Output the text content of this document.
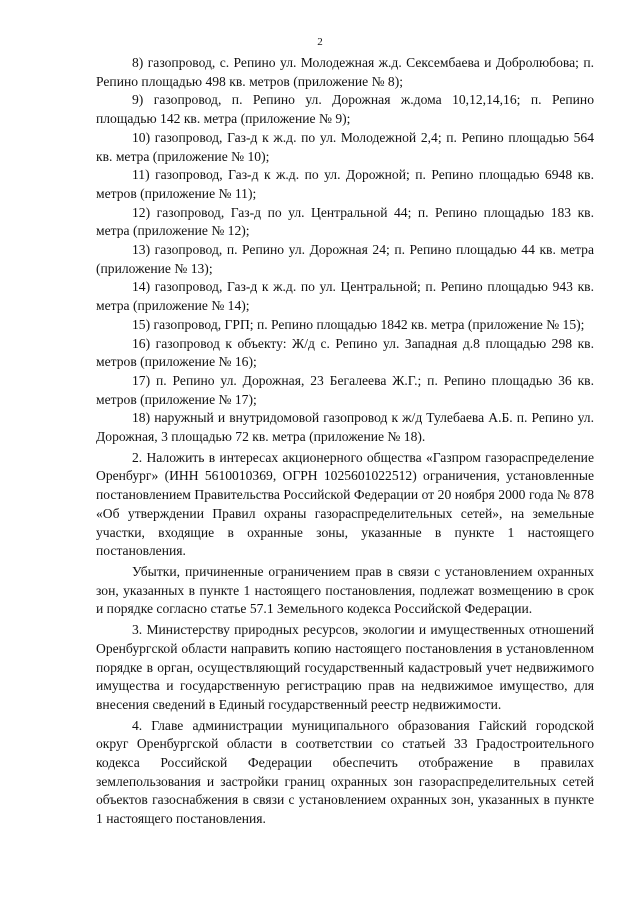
2

8) газопровод, с. Репино ул. Молодежная ж.д. Сексембаева и Добролюбова; п. Репино площадью 498 кв. метров (приложение № 8);

9) газопровод, п. Репино ул. Дорожная ж.дома 10,12,14,16; п. Репино площадью 142 кв. метра (приложение № 9);

10) газопровод, Газ-д к ж.д. по ул. Молодежной 2,4; п. Репино площадью 564 кв. метра (приложение № 10);

11) газопровод, Газ-д к ж.д. по ул. Дорожной; п. Репино площадью 6948 кв. метров (приложение № 11);

12) газопровод, Газ-д по ул. Центральной 44; п. Репино площадью 183 кв. метра (приложение № 12);

13) газопровод, п. Репино ул. Дорожная 24; п. Репино площадью 44 кв. метра (приложение № 13);

14) газопровод, Газ-д к ж.д. по ул. Центральной; п. Репино площадью 943 кв. метра (приложение № 14);

15) газопровод, ГРП; п. Репино площадью 1842 кв. метра (приложение № 15);

16) газопровод к объекту: Ж/д с. Репино ул. Западная д.8 площадью 298 кв. метров (приложение № 16);

17) п. Репино ул. Дорожная, 23 Бегалеева Ж.Г.; п. Репино площадью 36 кв. метров (приложение № 17);

18) наружный и внутридомовой газопровод к ж/д Тулебаева А.Б. п. Репино ул. Дорожная, 3 площадью 72 кв. метра (приложение № 18).

2. Наложить в интересах акционерного общества «Газпром газораспределение Оренбург» (ИНН 5610010369, ОГРН 1025601022512) ограничения, установленные постановлением Правительства Российской Федерации от 20 ноября 2000 года № 878 «Об утверждении Правил охраны газораспределительных сетей», на земельные участки, входящие в охранные зоны, указанные в пункте 1 настоящего постановления.

Убытки, причиненные ограничением прав в связи с установлением охранных зон, указанных в пункте 1 настоящего постановления, подлежат возмещению в срок и порядке согласно статье 57.1 Земельного кодекса Российской Федерации.

3. Министерству природных ресурсов, экологии и имущественных отношений Оренбургской области направить копию настоящего постановления в установленном порядке в орган, осуществляющий государственный кадастровый учет недвижимого имущества и государственную регистрацию прав на недвижимое имущество, для внесения сведений в Единый государственный реестр недвижимости.

4. Главе администрации муниципального образования Гайский городской округ Оренбургской области в соответствии со статьей 33 Градостроительного кодекса Российской Федерации обеспечить отображение в правилах землепользования и застройки границ охранных зон газораспределительных сетей объектов газоснабжения в связи с установлением охранных зон, указанных в пункте 1 настоящего постановления.
